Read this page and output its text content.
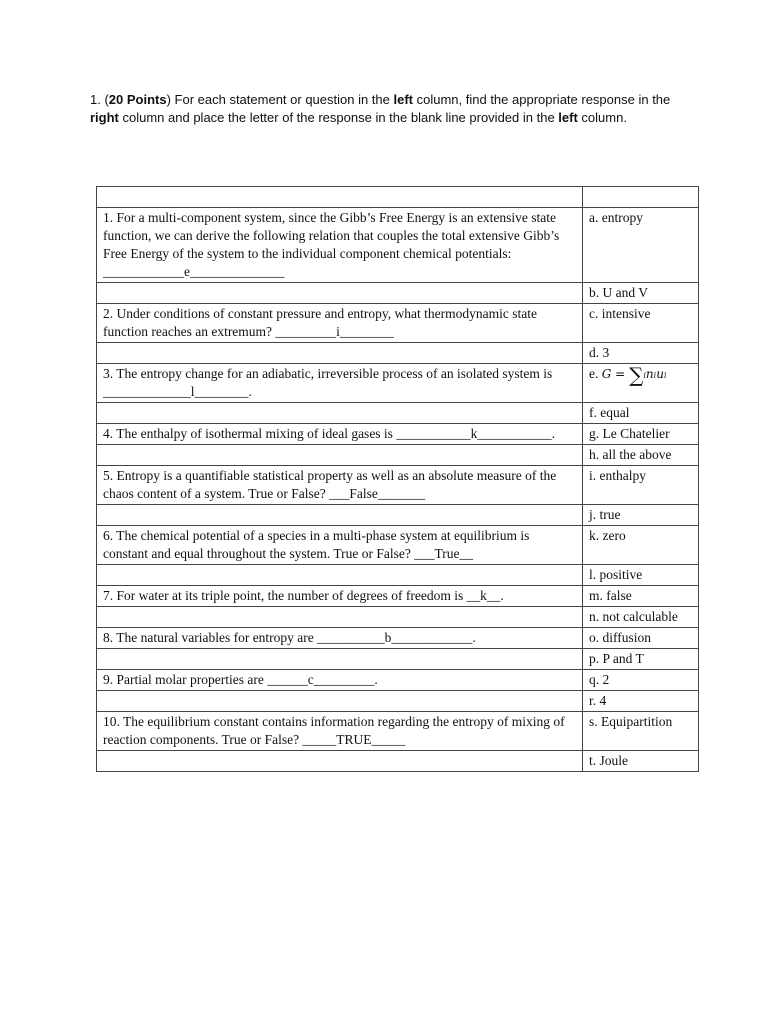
1. (20 Points) For each statement or question in the left column, find the appropriate response in the right column and place the letter of the response in the blank line provided in the left column.

1. For a multi-component system, since the Gibb’s Free Energy is an extensive state function, we can derive the following relation that couples the total extensive Gibb’s Free Energy of the system to the individual component chemical potentials: ____________e______________	a. entropy
	b. U and V
2. Under conditions of constant pressure and entropy, what thermodynamic state function reaches an extremum? _________i________	c. intensive
	d. 3
3. The entropy change for an adiabatic, irreversible process of an isolated system is _____________l________.	e. G = ∑iniui
	f. equal
4. The enthalpy of isothermal mixing of ideal gases is ___________k___________.	g. Le Chatelier
	h. all the above
5. Entropy is a quantifiable statistical property as well as an absolute measure of the chaos content of a system. True or False? ___False_______	i. enthalpy
	j. true
6. The chemical potential of a species in a multi-phase system at equilibrium is constant and equal throughout the system. True or False? ___True__	k. zero
	l. positive
7. For water at its triple point, the number of degrees of freedom is __k__.	m. false
	n. not calculable
8. The natural variables for entropy are __________b____________.	o. diffusion
	p. P and T
9. Partial molar properties are ______c_________.	q. 2
	r. 4
10. The equilibrium constant contains information regarding the entropy of mixing of reaction components. True or False? _____TRUE_____	s. Equipartition
	t. Joule
